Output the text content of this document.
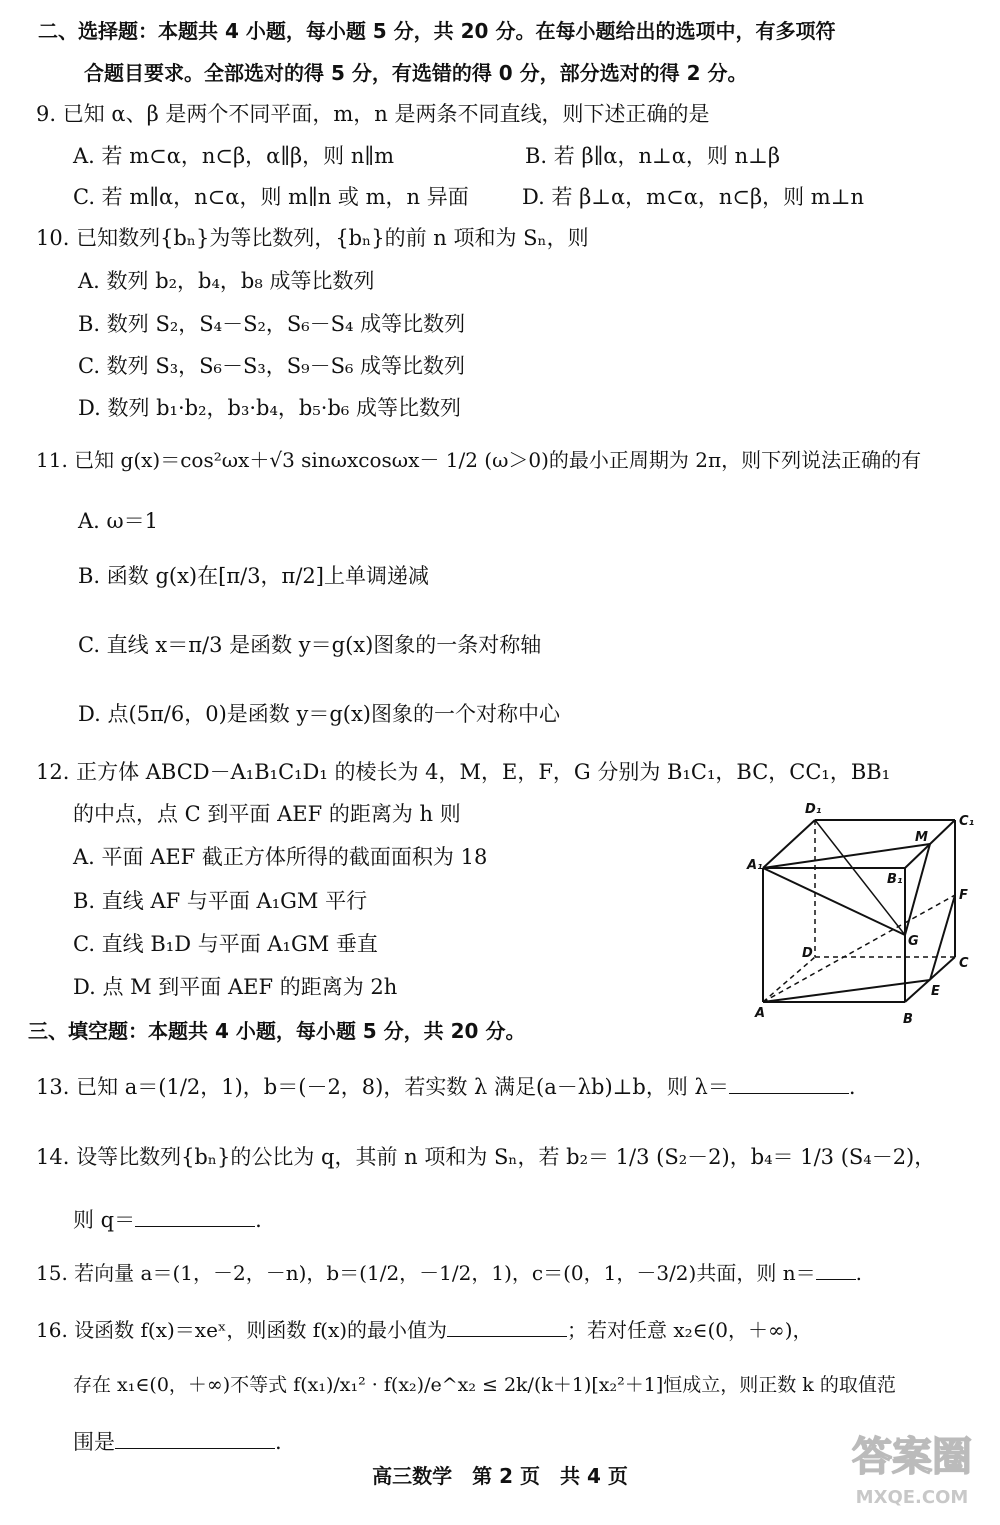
二、选择题：本题共 4 小题，每小题 5 分，共 20 分。在每小题给出的选项中，有多项符
合题目要求。全部选对的得 5 分，有选错的得 0 分，部分选对的得 2 分。
9. 已知 α、β 是两个不同平面，m，n 是两条不同直线，则下述正确的是
A. 若 m⊂α，n⊂β，α∥β，则 n∥m	B. 若 β∥α，n⊥α，则 n⊥β
C. 若 m∥α，n⊂α，则 m∥n 或 m，n 异面	D. 若 β⊥α，m⊂α，n⊂β，则 m⊥n
10. 已知数列{bₙ}为等比数列，{bₙ}的前 n 项和为 Sₙ，则
A. 数列 b₂，b₄，b₈ 成等比数列
B. 数列 S₂，S₄－S₂，S₆－S₄ 成等比数列
C. 数列 S₃，S₆－S₃，S₉－S₆ 成等比数列
D. 数列 b₁·b₂，b₃·b₄，b₅·b₆ 成等比数列
11. 已知 g(x)＝cos²ωx＋√3 sinωxcosωx－ 1/2 (ω＞0)的最小正周期为 2π，则下列说法正确的有
A. ω＝1
B. 函数 g(x)在[π/3，π/2]上单调递减
C. 直线 x＝π/3 是函数 y＝g(x)图象的一条对称轴
D. 点(5π/6，0)是函数 y＝g(x)图象的一个对称中心
12. 正方体 ABCD－A₁B₁C₁D₁ 的棱长为 4，M，E，F，G 分别为 B₁C₁，BC，CC₁，BB₁
的中点，点 C 到平面 AEF 的距离为 h 则
A. 平面 AEF 截正方体所得的截面面积为 18
B. 直线 AF 与平面 A₁GM 平行
C. 直线 B₁D 与平面 A₁GM 垂直
D. 点 M 到平面 AEF 的距离为 2h
D₁
C₁
M
A₁
B₁
F
G
D
C
E
A	B
三、填空题：本题共 4 小题，每小题 5 分，共 20 分。
13. 已知 a＝(1/2，1)，b＝(－2，8)，若实数 λ 满足(a－λb)⊥b，则 λ＝	.
14. 设等比数列{bₙ}的公比为 q，其前 n 项和为 Sₙ，若 b₂＝ 1/3 (S₂－2)，b₄＝ 1/3 (S₄－2)，
则 q＝	.
15. 若向量 a＝(1，－2，－n)，b＝(1/2，－1/2，1)，c＝(0，1，－3/2)共面，则 n＝ .
16. 设函数 f(x)＝xeˣ，则函数 f(x)的最小值为	；若对任意 x₂∈(0，＋∞)，
存在 x₁∈(0，＋∞)不等式 f(x₁)/x₁² · f(x₂)/e^x₂ ≤ 2k/(k＋1)[x₂²＋1]恒成立，则正数 k 的取值范
围是	.
高三数学　第 2 页　共 4 页	答案圈
MXQE.COM
